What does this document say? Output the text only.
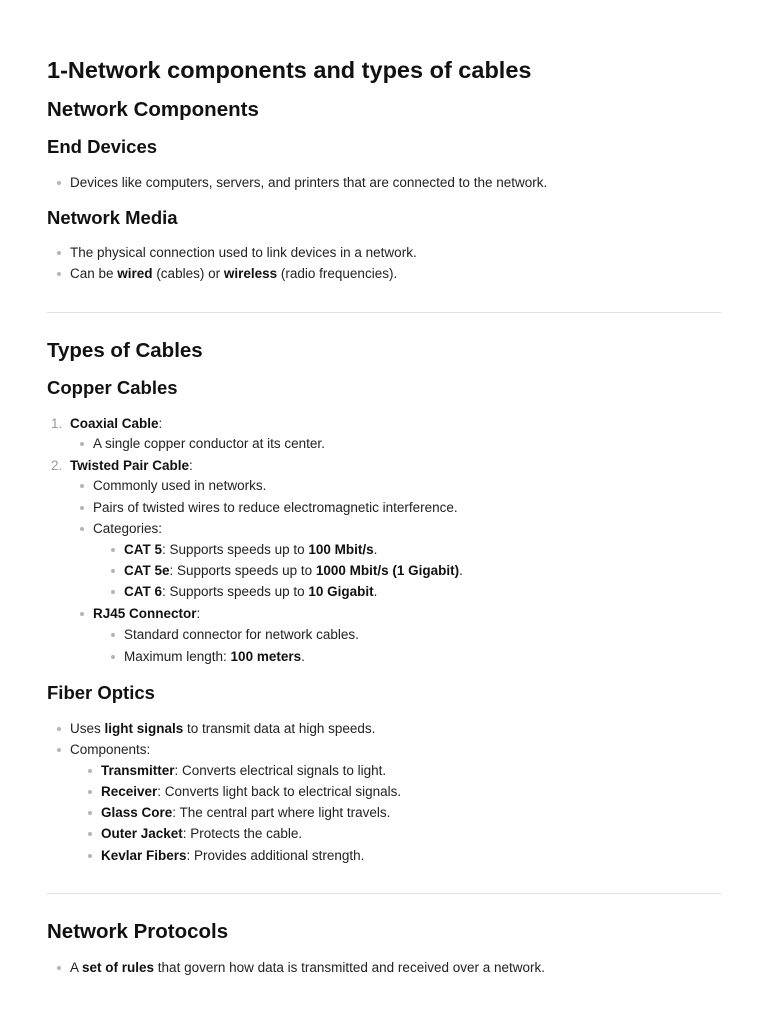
1-Network components and types of cables
Network Components
End Devices
Devices like computers, servers, and printers that are connected to the network.
Network Media
The physical connection used to link devices in a network.
Can be wired (cables) or wireless (radio frequencies).
Types of Cables
Copper Cables
1. Coaxial Cable:
A single copper conductor at its center.
2. Twisted Pair Cable:
Commonly used in networks.
Pairs of twisted wires to reduce electromagnetic interference.
Categories:
CAT 5: Supports speeds up to 100 Mbit/s.
CAT 5e: Supports speeds up to 1000 Mbit/s (1 Gigabit).
CAT 6: Supports speeds up to 10 Gigabit.
RJ45 Connector:
Standard connector for network cables.
Maximum length: 100 meters.
Fiber Optics
Uses light signals to transmit data at high speeds.
Components:
Transmitter: Converts electrical signals to light.
Receiver: Converts light back to electrical signals.
Glass Core: The central part where light travels.
Outer Jacket: Protects the cable.
Kevlar Fibers: Provides additional strength.
Network Protocols
A set of rules that govern how data is transmitted and received over a network.
